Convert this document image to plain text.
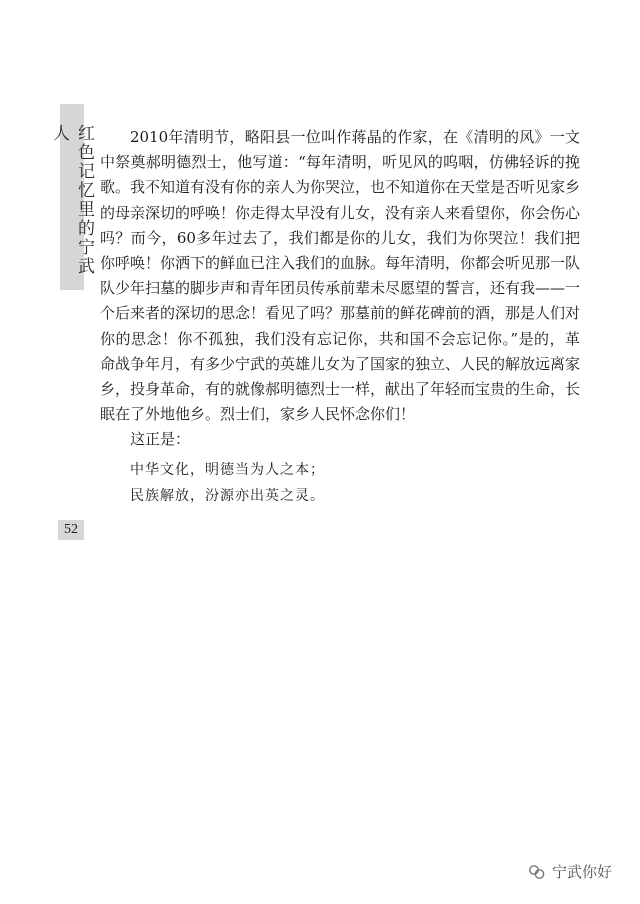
红色记忆里的宁武人	2010年清明节，略阳县一位叫作蒋晶的作家，在《清明的风》一文中祭奠郝明德烈士，他写道：“每年清明，听见风的呜咽，仿佛轻诉的挽歌。我不知道有没有你的亲人为你哭泣，也不知道你在天堂是否听见家乡的母亲深切的呼唤！你走得太早没有儿女，没有亲人来看望你，你会伤心吗？而今，60多年过去了，我们都是你的儿女，我们为你哭泣！我们把你呼唤！你洒下的鲜血已注入我们的血脉。每年清明，你都会听见那一队队少年扫墓的脚步声和青年团员传承前辈未尽愿望的誓言，还有我——一个后来者的深切的思念！看见了吗？那墓前的鲜花碑前的酒，那是人们对你的思念！你不孤独，我们没有忘记你，共和国不会忘记你。”是的，革命战争年月，有多少宁武的英雄儿女为了国家的独立、人民的解放远离家乡，投身革命，有的就像郝明德烈士一样，献出了年轻而宝贵的生命，长眠在了外地他乡。烈士们，家乡人民怀念你们！

这正是：

中华文化，明德当为人之本；
民族解放，汾源亦出英之灵。
52
宁武你好
